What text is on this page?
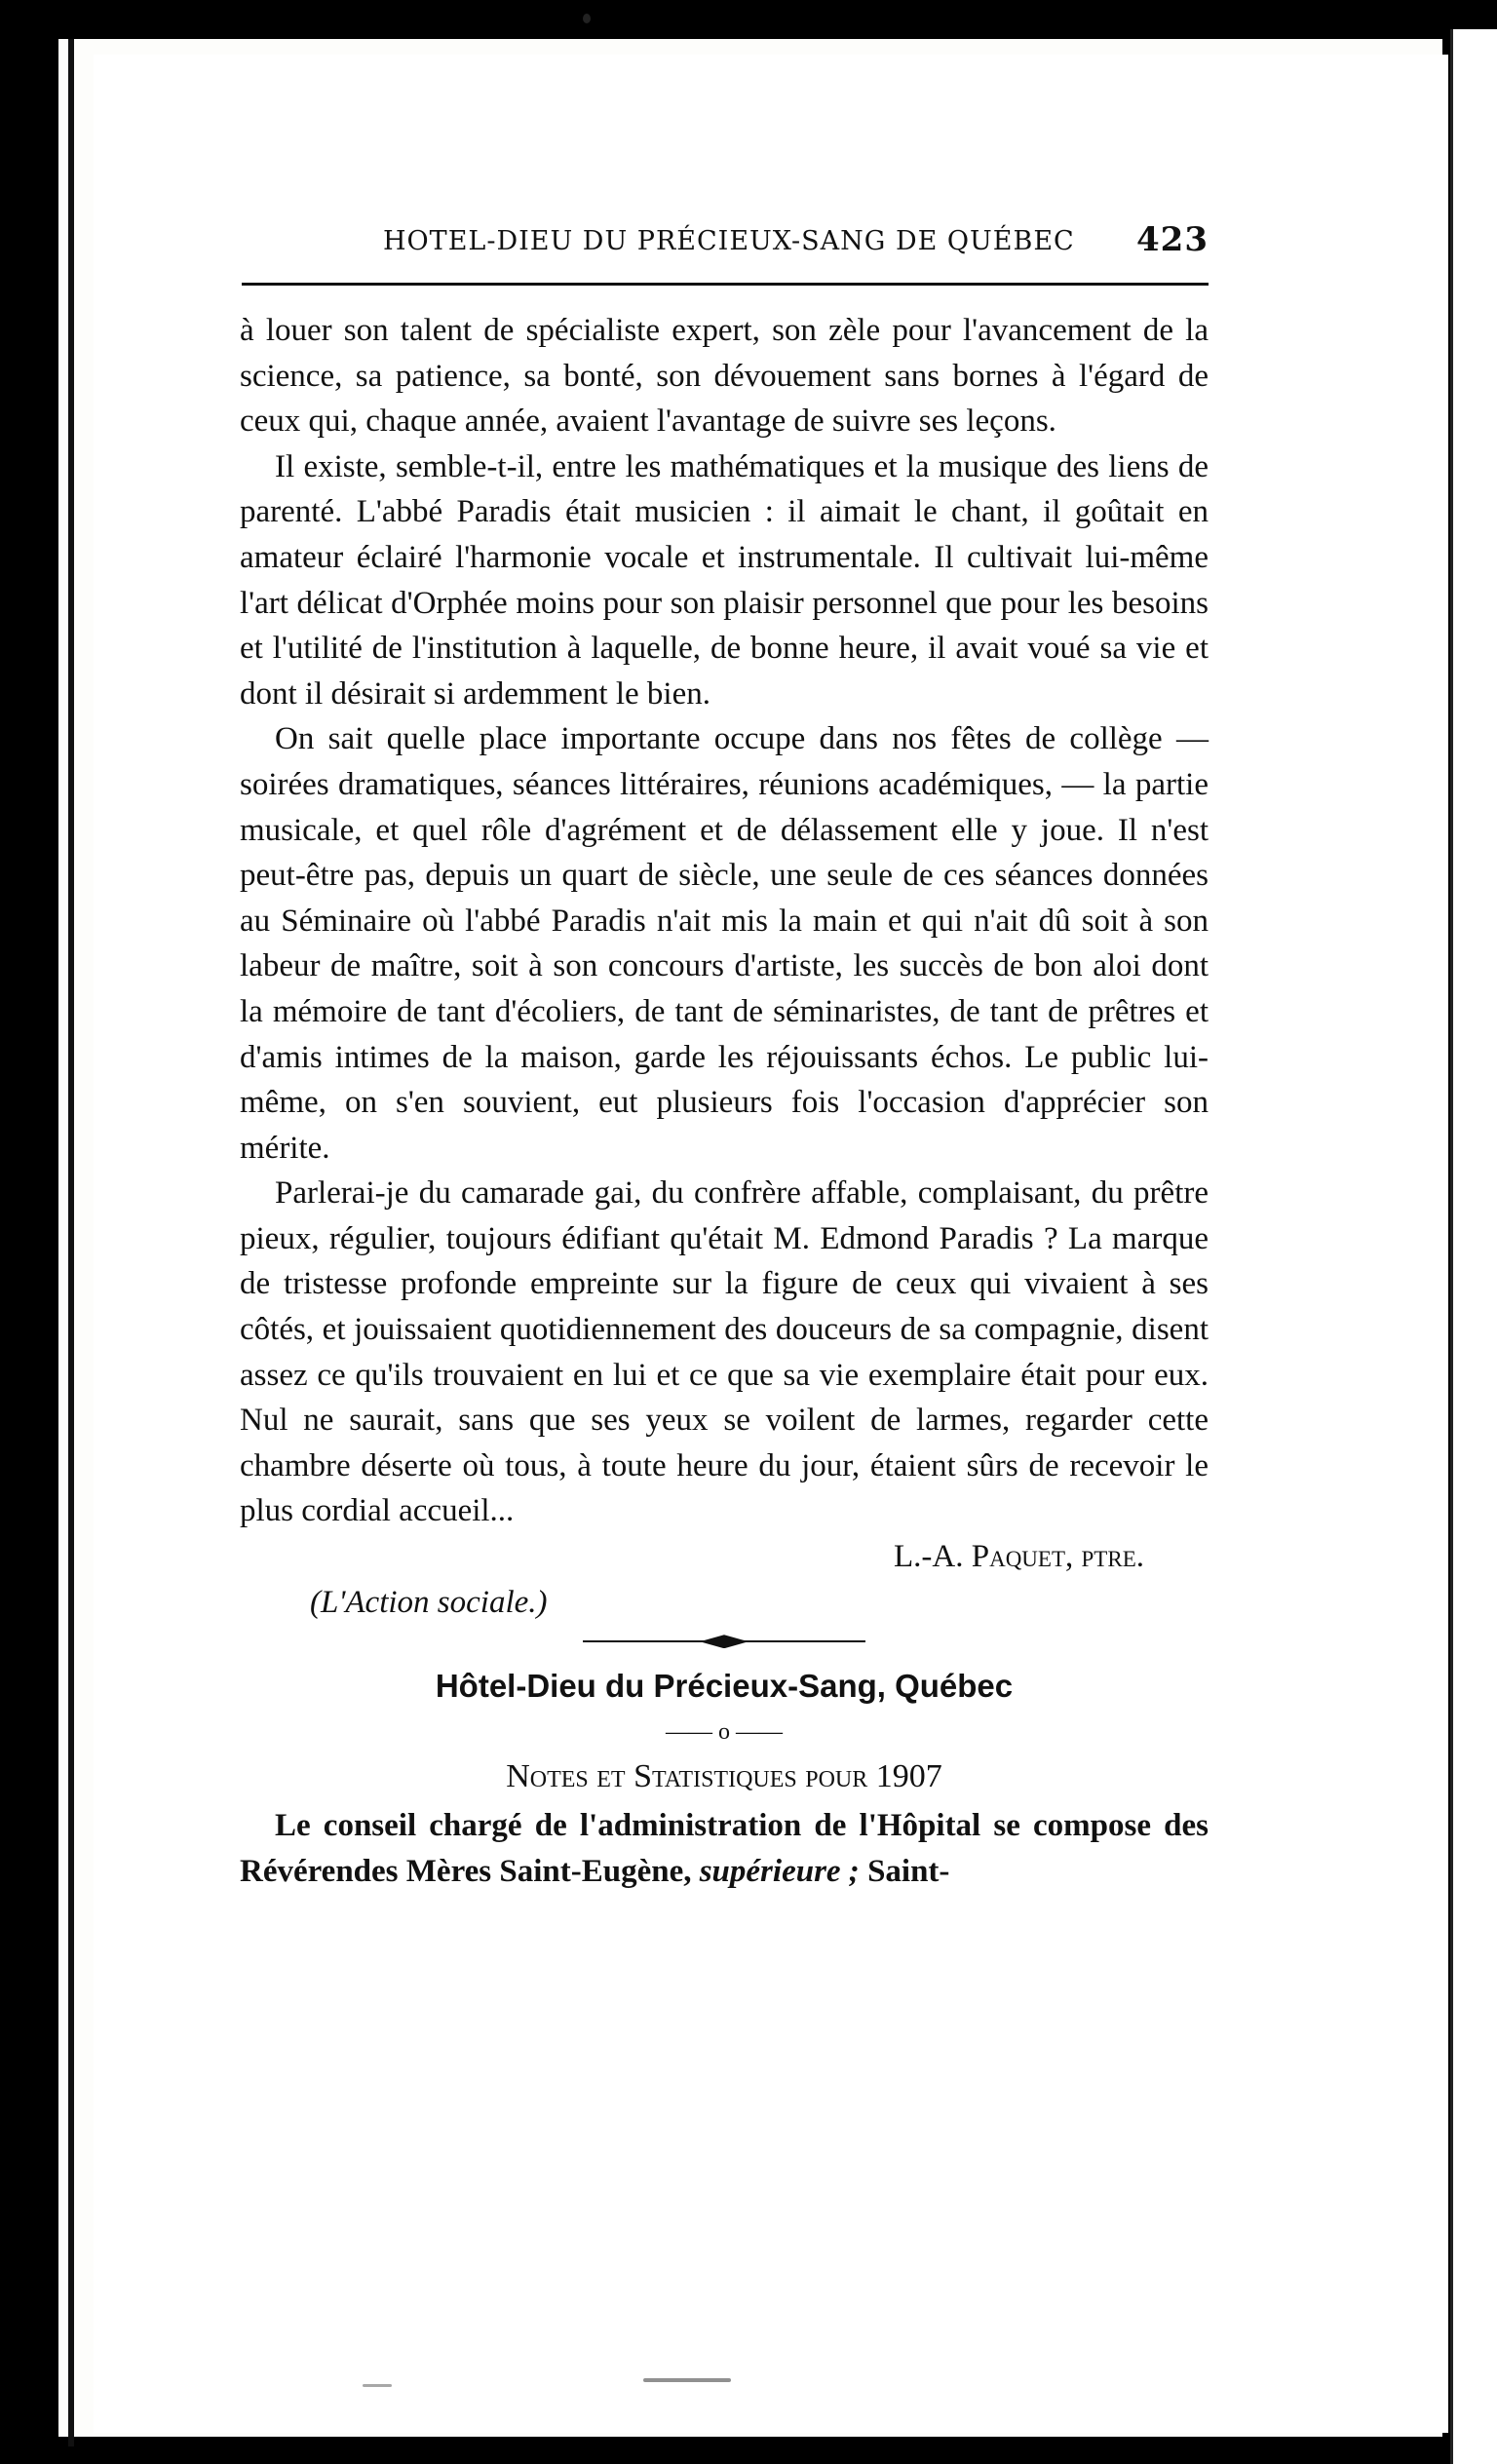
HOTEL-DIEU DU PRÉCIEUX-SANG DE QUÉBEC 423

à louer son talent de spécialiste expert, son zèle pour l'avancement de la science, sa patience, sa bonté, son dévouement sans bornes à l'égard de ceux qui, chaque année, avaient l'avantage de suivre ses leçons.

Il existe, semble-t-il, entre les mathématiques et la musique des liens de parenté. L'abbé Paradis était musicien : il aimait le chant, il goûtait en amateur éclairé l'harmonie vocale et instrumentale. Il cultivait lui-même l'art délicat d'Orphée moins pour son plaisir personnel que pour les besoins et l'utilité de l'institution à laquelle, de bonne heure, il avait voué sa vie et dont il désirait si ardemment le bien.

On sait quelle place importante occupe dans nos fêtes de collège — soirées dramatiques, séances littéraires, réunions académiques, — la partie musicale, et quel rôle d'agrément et de délassement elle y joue. Il n'est peut-être pas, depuis un quart de siècle, une seule de ces séances données au Séminaire où l'abbé Paradis n'ait mis la main et qui n'ait dû soit à son labeur de maître, soit à son concours d'artiste, les succès de bon aloi dont la mémoire de tant d'écoliers, de tant de séminaristes, de tant de prêtres et d'amis intimes de la maison, garde les réjouissants échos. Le public lui-même, on s'en souvient, eut plusieurs fois l'occasion d'apprécier son mérite.

Parlerai-je du camarade gai, du confrère affable, complaisant, du prêtre pieux, régulier, toujours édifiant qu'était M. Edmond Paradis ? La marque de tristesse profonde empreinte sur la figure de ceux qui vivaient à ses côtés, et jouissaient quotidiennement des douceurs de sa compagnie, disent assez ce qu'ils trouvaient en lui et ce que sa vie exemplaire était pour eux. Nul ne saurait, sans que ses yeux se voilent de larmes, regarder cette chambre déserte où tous, à toute heure du jour, étaient sûrs de recevoir le plus cordial accueil...

L.-A. Paquet, ptre.

(L'Action sociale.)

Hôtel-Dieu du Précieux-Sang, Québec

—— o ——

Notes et Statistiques pour 1907

Le conseil chargé de l'administration de l'Hôpital se compose des Révérendes Mères Saint-Eugène, supérieure ; Saint-
